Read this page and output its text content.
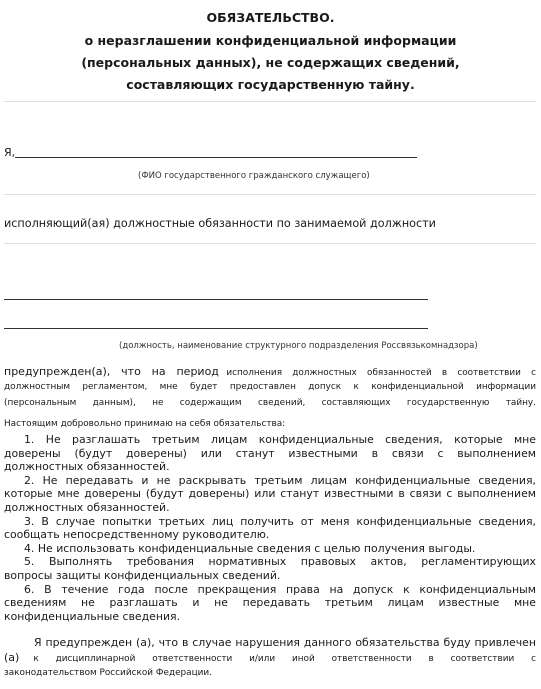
ОБЯЗАТЕЛЬСТВО.
о неразглашении конфиденциальной информации
(персональных данных), не содержащих сведений,
составляющих государственную тайну.
Я,
(ФИО государственного гражданского служащего)
исполняющий(ая) должностные обязанности по занимаемой должности
(должность, наименование структурного подразделения Россвязькомнадзора)
предупрежден(а), что на период исполнения должностных обязанностей в соответствии с
должностным регламентом, мне будет предоставлен допуск к конфиденциальной информации
(персональным данным), не содержащим сведений, составляющих государственную тайну.
Настоящим добровольно принимаю на себя обязательства:
1. Не разглашать третьим лицам конфиденциальные сведения, которые мне
доверены (будут доверены) или станут известными в связи с выполнением
должностных обязанностей.
2. Не передавать и не раскрывать третьим лицам конфиденциальные сведения,
которые мне доверены (будут доверены) или станут известными в связи с выполнением
должностных обязанностей.
3. В случае попытки третьих лиц получить от меня конфиденциальные сведения,
сообщать непосредственному руководителю.
4. Не использовать конфиденциальные сведения с целью получения выгоды.
5. Выполнять требования нормативных правовых актов, регламентирующих
вопросы защиты конфиденциальных сведений.
6. В течение года после прекращения права на допуск к конфиденциальным
сведениям не разглашать и не передавать третьим лицам известные мне
конфиденциальные сведения.
Я предупрежден (а), что в случае нарушения данного обязательства буду привлечен
(а) к дисциплинарной ответственности и/или иной ответственности в соответствии с
законодательством Российской Федерации.
